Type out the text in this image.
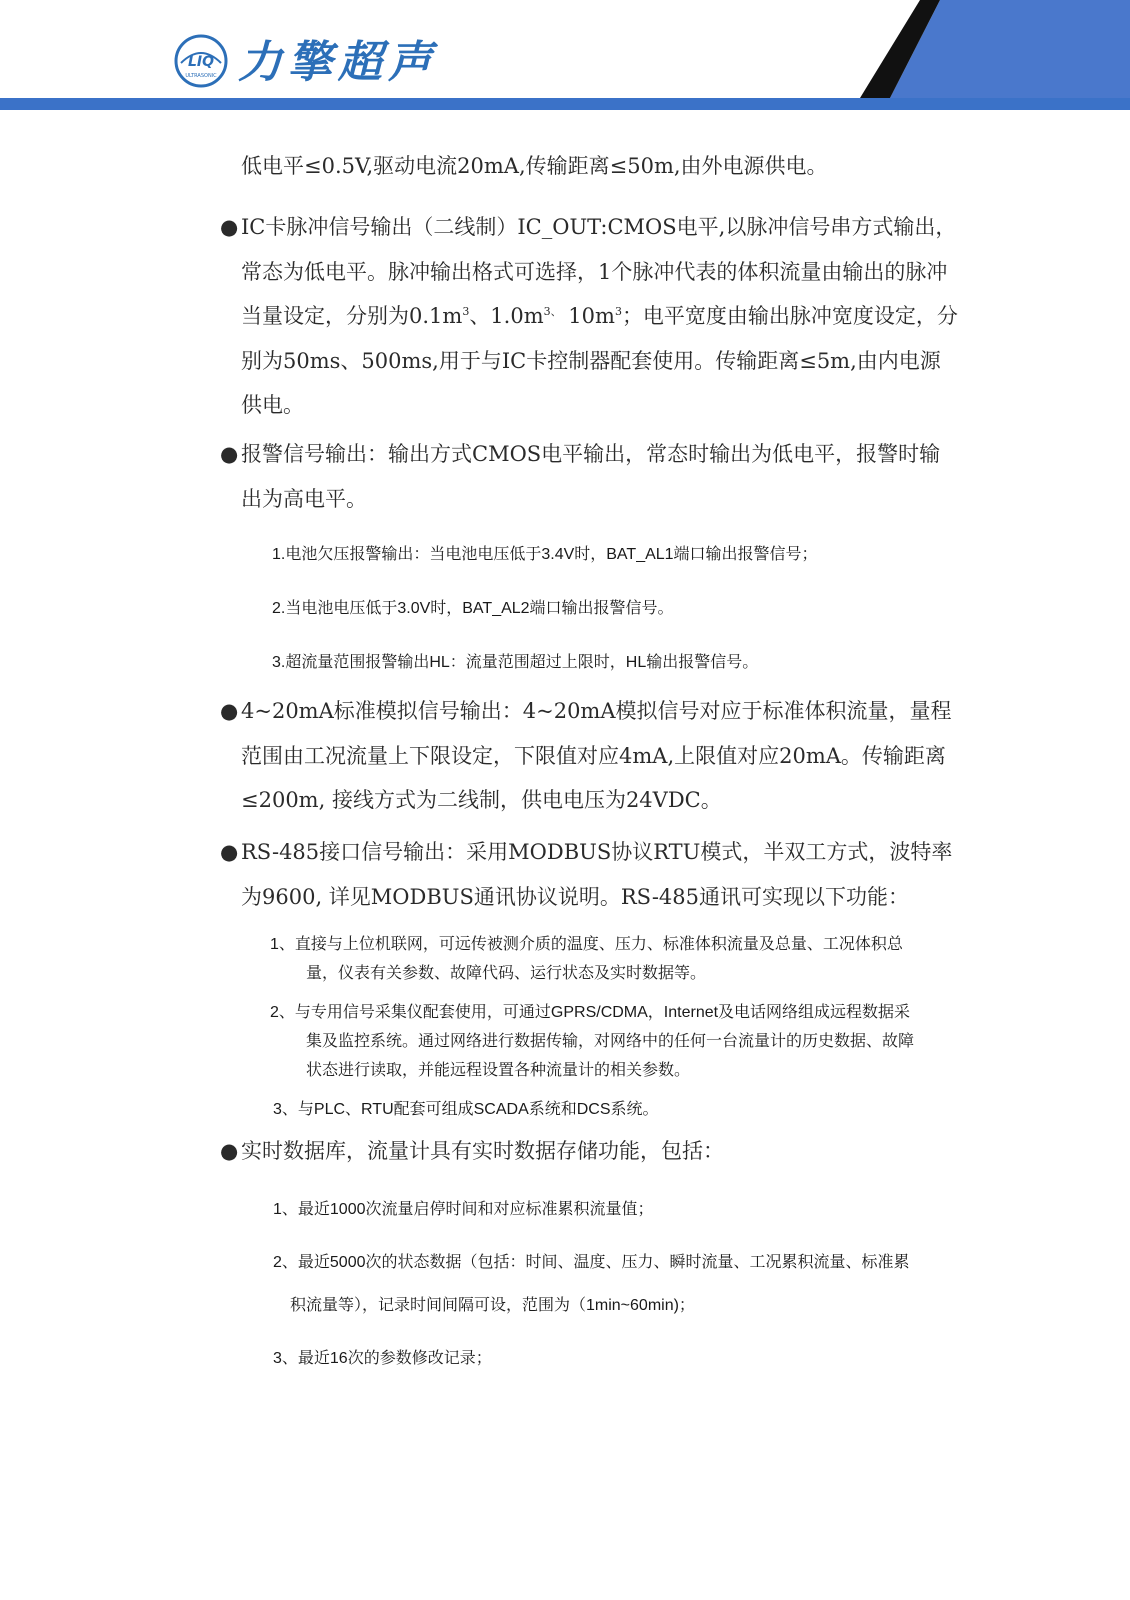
LIQ
ULTRASONIC 力擎超声
低电平≤0.5V,驱动电流20mA,传输距离≤50m,由外电源供电。
● IC卡脉冲信号输出（二线制）IC_OUT:CMOS电平,以脉冲信号串方式输出，常态为低电平。脉冲输出格式可选择，1个脉冲代表的体积流量由输出的脉冲当量设定，分别为$0.1m^3$、$1.0m^{3、}$ $10m^3$；电平宽度由输出脉冲宽度设定，分别为50ms、500ms,用于与IC卡控制器配套使用。传输距离≤5m,由内电源供电。
● 报警信号输出：输出方式CMOS电平输出，常态时输出为低电平，报警时输出为高电平。
1.电池欠压报警输出：当电池电压低于3.4V时，BAT_AL1端口输出报警信号；
2.当电池电压低于3.0V时，BAT_AL2端口输出报警信号。
3.超流量范围报警输出HL：流量范围超过上限时，HL输出报警信号。
● 4~20mA标准模拟信号输出：4~20mA模拟信号对应于标准体积流量，量程范围由工况流量上下限设定，下限值对应4mA,上限值对应20mA。传输距离≤200m, 接线方式为二线制，供电电压为24VDC。
● RS-485接口信号输出：采用MODBUS协议RTU模式，半双工方式，波特率为9600, 详见MODBUS通讯协议说明。RS-485通讯可实现以下功能：
1、直接与上位机联网，可远传被测介质的温度、压力、标准体积流量及总量、工况体积总
量，仪表有关参数、故障代码、运行状态及实时数据等。
2、与专用信号采集仪配套使用，可通过GPRS/CDMA，Internet及电话网络组成远程数据采
集及监控系统。通过网络进行数据传输，对网络中的任何一台流量计的历史数据、故障
状态进行读取，并能远程设置各种流量计的相关参数。
3、与PLC、RTU配套可组成SCADA系统和DCS系统。
● 实时数据库，流量计具有实时数据存储功能，包括：
1、最近1000次流量启停时间和对应标准累积流量值；
2、最近5000次的状态数据（包括：时间、温度、压力、瞬时流量、工况累积流量、标准累
积流量等），记录时间间隔可设，范围为（1min~60min)；
3、最近16次的参数修改记录；
